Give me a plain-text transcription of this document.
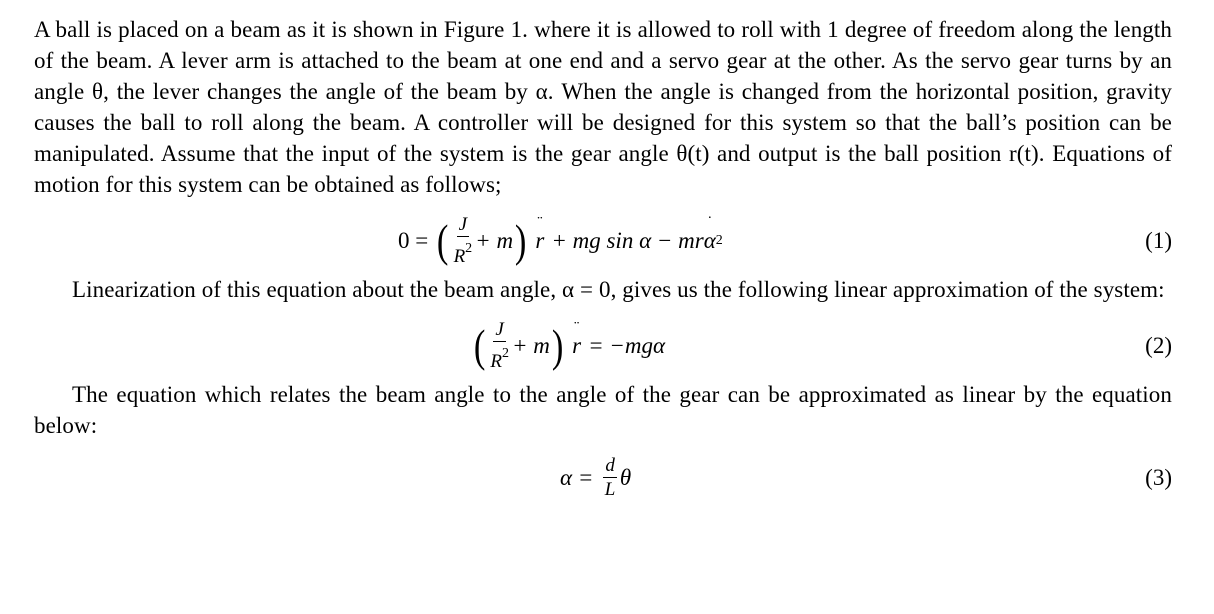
A ball is placed on a beam as it is shown in Figure 1. where it is allowed to roll with 1 degree of freedom along the length of the beam. A lever arm is attached to the beam at one end and a servo gear at the other. As the servo gear turns by an angle θ, the lever changes the angle of the beam by α. When the angle is changed from the horizontal position, gravity causes the ball to roll along the beam. A controller will be designed for this system so that the ball’s position can be manipulated. Assume that the input of the system is the gear angle θ(t) and output is the ball position r(t). Equations of motion for this system can be obtained as follows;

0 = ( $\frac{J}{R^2} + m$ ) r
¨
+ mg sin α − mr α
˙
2	(1)

Linearization of this equation about the beam angle, α = 0, gives us the following linear approximation of the system:

( $\frac{J}{R^2} + m$ ) r
¨
= −mgα	(2)

The equation which relates the beam angle to the angle of the gear can be approximated as linear by the equation below:

$\alpha = \frac{d}{L}$ θ	(3)
